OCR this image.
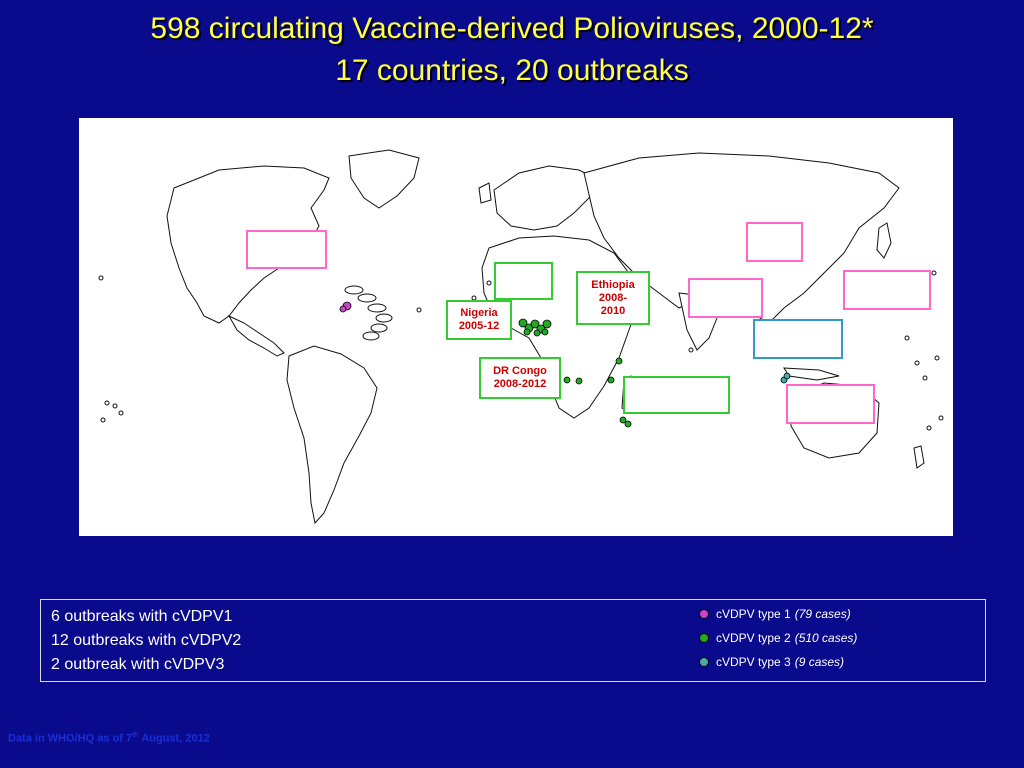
598 circulating Vaccine-derived Polioviruses, 2000-12*
17 countries, 20 outbreaks
Nigeria
2005-12
Ethiopia
2008-
2010
DR Congo
2008-2012
6 outbreaks with cVDPV1
12 outbreaks with cVDPV2
2 outbreak with cVDPV3
cVDPV type 1 (79 cases)
cVDPV type 2 (510 cases)
cVDPV type 3 (9 cases)
Data in WHO/HQ as of 7th August, 2012
